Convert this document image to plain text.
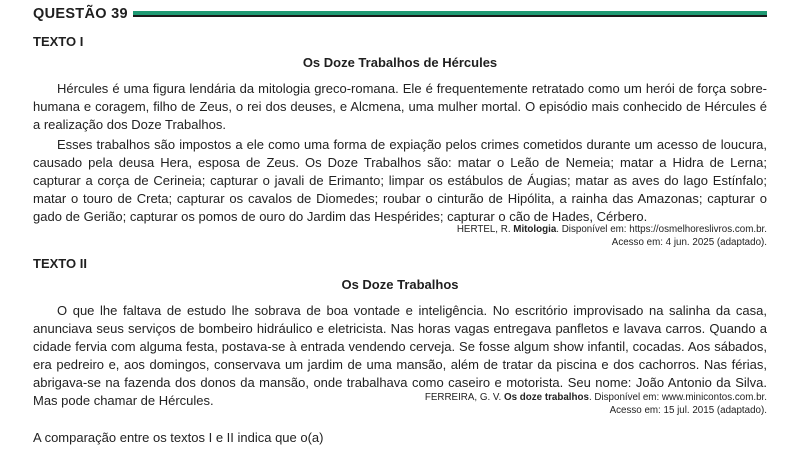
QUESTÃO 39
TEXTO I
Os Doze Trabalhos de Hércules

Hércules é uma figura lendária da mitologia greco-romana. Ele é frequentemente retratado como um herói de força sobre-humana e coragem, filho de Zeus, o rei dos deuses, e Alcmena, uma mulher mortal. O episódio mais conhecido de Hércules é a realização dos Doze Trabalhos.

Esses trabalhos são impostos a ele como uma forma de expiação pelos crimes cometidos durante um acesso de loucura, causado pela deusa Hera, esposa de Zeus. Os Doze Trabalhos são: matar o Leão de Nemeia; matar a Hidra de Lerna; capturar a corça de Cerineia; capturar o javali de Erimanto; limpar os estábulos de Áugias; matar as aves do lago Estínfalo; matar o touro de Creta; capturar os cavalos de Diomedes; roubar o cinturão de Hipólita, a rainha das Amazonas; capturar o gado de Gerião; capturar os pomos de ouro do Jardim das Hespérides; capturar o cão de Hades, Cérbero.

HERTEL, R. Mitologia. Disponível em: https://osmelhoreslivros.com.br.
Acesso em: 4 jun. 2025 (adaptado).
TEXTO II
Os Doze Trabalhos

O que lhe faltava de estudo lhe sobrava de boa vontade e inteligência. No escritório improvisado na salinha da casa, anunciava seus serviços de bombeiro hidráulico e eletricista. Nas horas vagas entregava panfletos e lavava carros. Quando a cidade fervia com alguma festa, postava-se à entrada vendendo cerveja. Se fosse algum show infantil, cocadas. Aos sábados, era pedreiro e, aos domingos, conservava um jardim de uma mansão, além de tratar da piscina e dos cachorros. Nas férias, abrigava-se na fazenda dos donos da mansão, onde trabalhava como caseiro e motorista. Seu nome: João Antonio da Silva. Mas pode chamar de Hércules.	FERREIRA, G. V. Os doze trabalhos. Disponível em: www.minicontos.com.br.
Acesso em: 15 jul. 2015 (adaptado).
A comparação entre os textos I e II indica que o(a)
